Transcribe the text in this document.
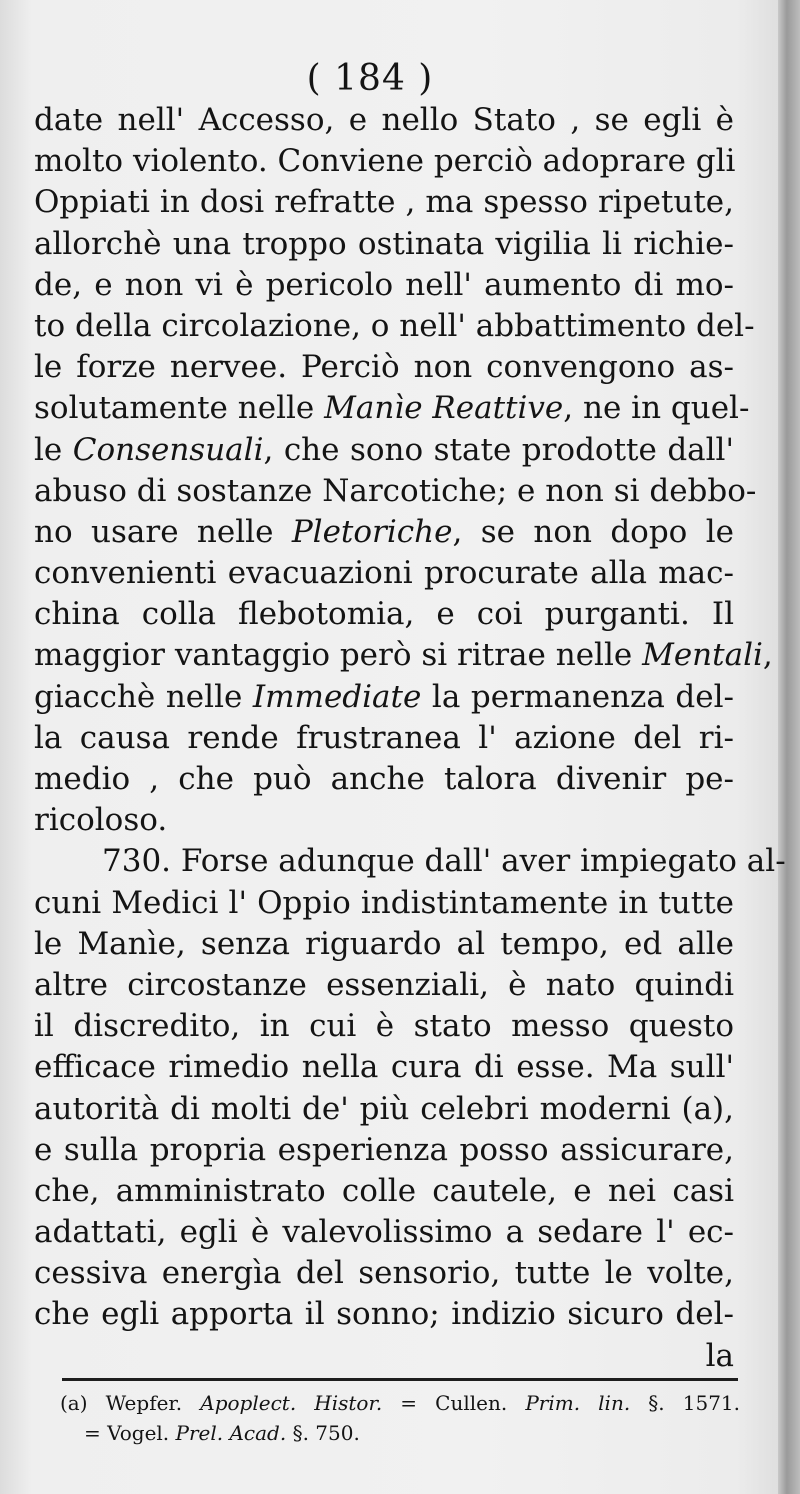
( 184 )
date nell' Accesso, e nello Stato , se egli è
molto violento. Conviene perciò adoprare gli
Oppiati in dosi refratte , ma spesso ripetute,
allorchè una troppo ostinata vigilia li richie-
de, e non vi è pericolo nell' aumento di mo-
to della circolazione, o nell' abbattimento del-
le forze nervee. Perciò non convengono as-
solutamente nelle Manìe Reattive, ne in quel-
le Consensuali, che sono state prodotte dall'
abuso di sostanze Narcotiche; e non si debbo-
no usare nelle Pletoriche, se non dopo le
convenienti evacuazioni procurate alla mac-
china colla flebotomia, e coi purganti. Il
maggior vantaggio però si ritrae nelle Mentali,
giacchè nelle Immediate la permanenza del-
la causa rende frustranea l' azione del ri-
medio , che può anche talora divenir pe-
ricoloso.
730. Forse adunque dall' aver impiegato al-
cuni Medici l' Oppio indistintamente in tutte
le Manìe, senza riguardo al tempo, ed alle
altre circostanze essenziali, è nato quindi
il discredito, in cui è stato messo questo
efficace rimedio nella cura di esse. Ma sull'
autorità di molti de' più celebri moderni (a),
e sulla propria esperienza posso assicurare,
che, amministrato colle cautele, e nei casi
adattati, egli è valevolissimo a sedare l' ec-
cessiva energìa del sensorio, tutte le volte,
che egli apporta il sonno; indizio sicuro del-
la
(a) Wepfer. Apoplect. Histor. = Cullen. Prim. lin. §. 1571.
= Vogel. Prel. Acad. §. 750.
